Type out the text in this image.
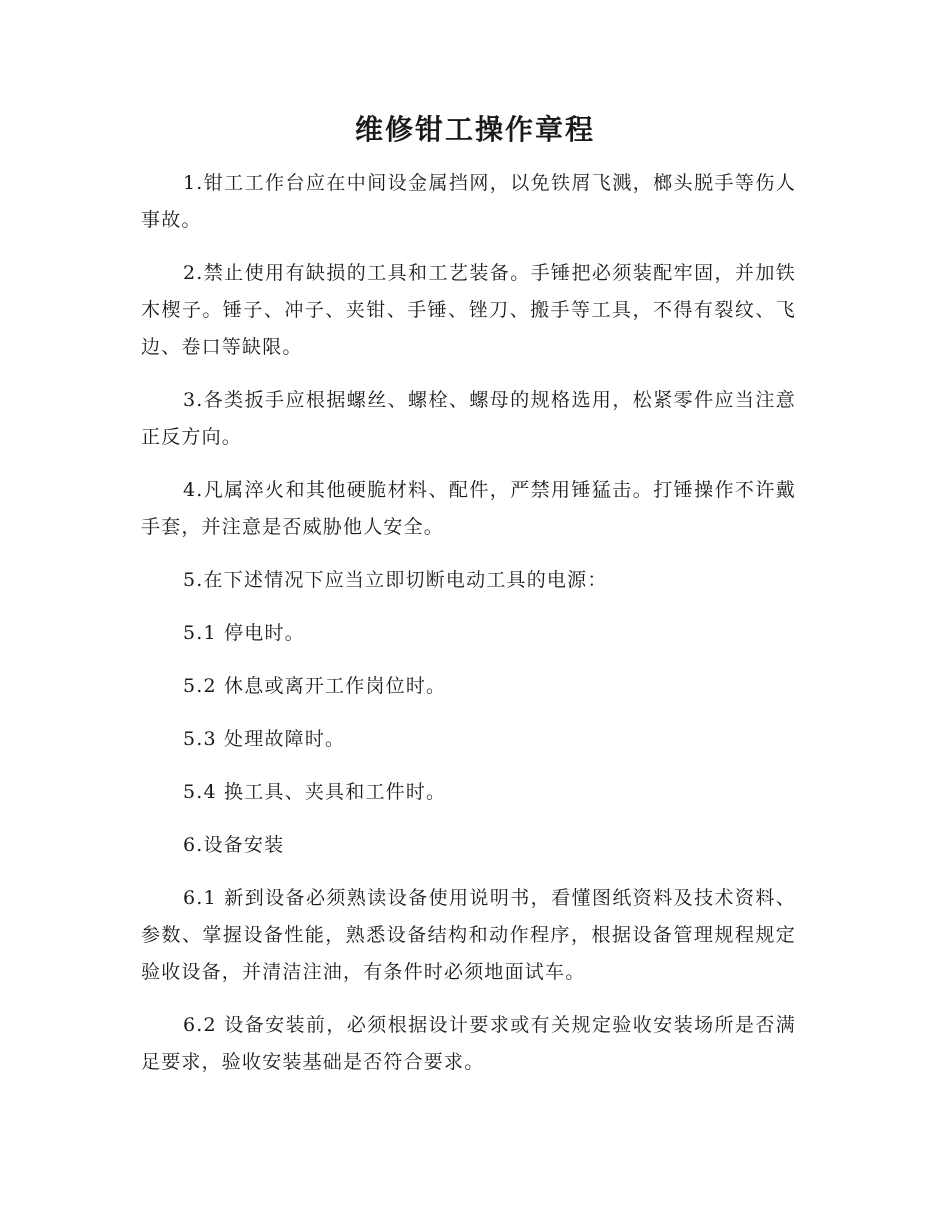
维修钳工操作章程

1.钳工工作台应在中间设金属挡网，以免铁屑飞溅，榔头脱手等伤人事故。

2.禁止使用有缺损的工具和工艺装备。手锤把必须装配牢固，并加铁木楔子。锤子、冲子、夹钳、手锤、锉刀、搬手等工具，不得有裂纹、飞边、卷口等缺限。

3.各类扳手应根据螺丝、螺栓、螺母的规格选用，松紧零件应当注意正反方向。

4.凡属淬火和其他硬脆材料、配件，严禁用锤猛击。打锤操作不许戴手套，并注意是否威胁他人安全。

5.在下述情况下应当立即切断电动工具的电源：

5.1 停电时。

5.2 休息或离开工作岗位时。

5.3 处理故障时。

5.4 换工具、夹具和工件时。

6.设备安装

6.1 新到设备必须熟读设备使用说明书，看懂图纸资料及技术资料、参数、掌握设备性能，熟悉设备结构和动作程序，根据设备管理规程规定验收设备，并清洁注油，有条件时必须地面试车。

6.2 设备安装前，必须根据设计要求或有关规定验收安装场所是否满足要求，验收安装基础是否符合要求。
